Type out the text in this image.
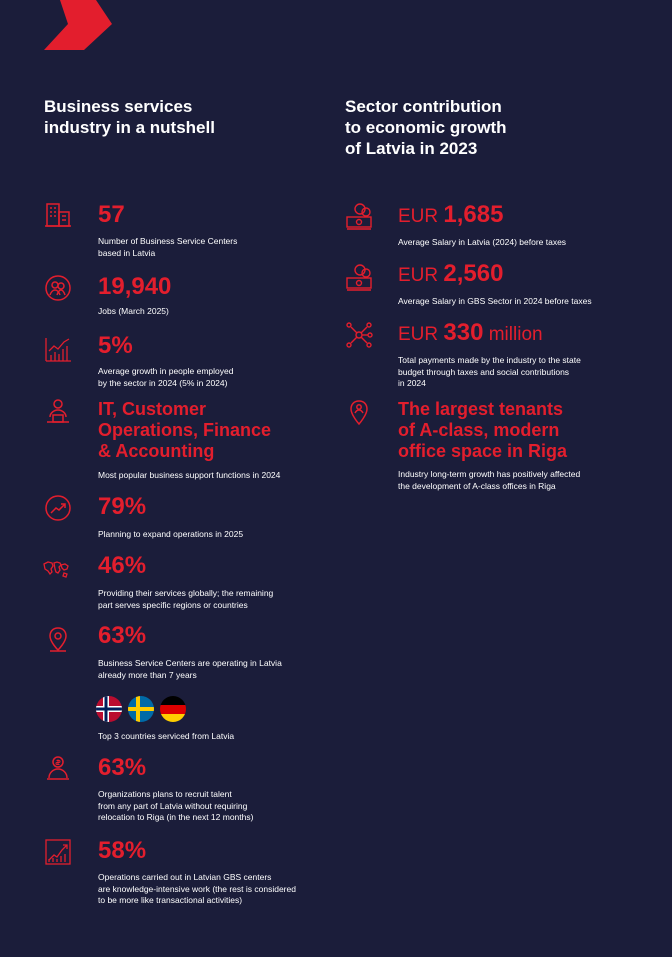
Business services
industry in a nutshell
Sector contribution
to economic growth
of Latvia in 2023
57
Number of Business Service Centers
based in Latvia
19,940
Jobs (March 2025)
5%
Average growth in people employed
by the sector in 2024 (5% in 2024)
IT, Customer
Operations, Finance
& Accounting
Most popular business support functions in 2024
79%
Planning to expand operations in 2025
46%
Providing their services globally; the remaining
part serves specific regions or countries
63%
Business Service Centers are operating in Latvia
already more than 7 years
Top 3 countries serviced from Latvia
63%
Organizations plans to recruit talent
from any part of Latvia without requiring
relocation to Riga (in the next 12 months)
58%
Operations carried out in Latvian GBS centers
are knowledge-intensive work (the rest is considered
to be more like transactional activities)
EUR 1,685
Average Salary in Latvia (2024) before taxes
EUR 2,560
Average Salary in GBS Sector in 2024 before taxes
EUR 330 million
Total payments made by the industry to the state
budget through taxes and social contributions
in 2024
The largest tenants
of A-class, modern
office space in Riga
Industry long-term growth has positively affected
the development of A-class offices in Riga
